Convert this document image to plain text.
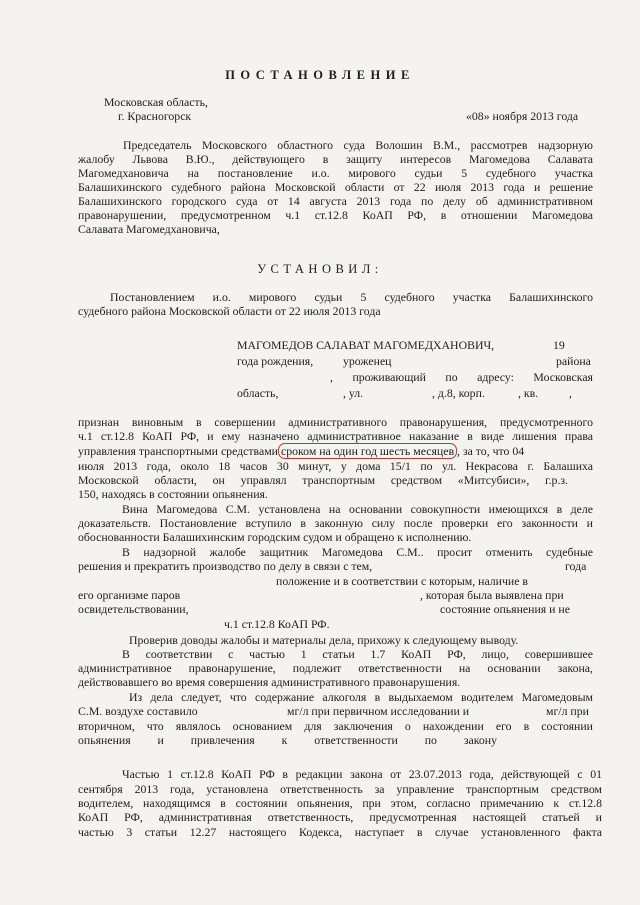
ПОСТАНОВЛЕНИЕ
Московская область,
г. Красногорск	«08» ноября 2013 года
Председатель Московского областного суда Волошин В.М., рассмотрев надзорную
жалобу Львова В.Ю., действующего в защиту интересов Магомедова Салавата
Магомедхановича на постановление и.о. мирового судьи 5 судебного участка
Балашихинского судебного района Московской области от 22 июля 2013 года и решение
Балашихинского городского суда от 14 августа 2013 года по делу об административном
правонарушении, предусмотренном ч.1 ст.12.8 КоАП РФ, в отношении Магомедова
Салавата Магомедхановича,
УСТАНОВИЛ:
Постановлением и.о. мирового судьи 5 судебного участка Балашихинского
судебного района Московской области от 22 июля 2013 года
МАГОМЕДОВ САЛАВАТ МАГОМЕДХАНОВИЧ,	19
года рождения,	уроженец	района
, проживающий по адресу: Московская
область,	, ул.	, д.8, корп.	, кв.	,
признан виновным в совершении административного правонарушения, предусмотренного
ч.1 ст.12.8 КоАП РФ, и ему назначено административное наказание в виде лишения права
управления транспортными средствами сроком на один год шесть месяцев , за то, что 04
июля 2013 года, около 18 часов 30 минут, у дома 15/1 по ул. Некрасова г. Балашиха
Московской области, он управлял транспортным средством «Митсубиси», г.р.з.
150, находясь в состоянии опьянения.
Вина Магомедова С.М. установлена на основании совокупности имеющихся в деле
доказательств. Постановление вступило в законную силу после проверки его законности и
обоснованности Балашихинским городским судом и обращено к исполнению.
В надзорной жалобе защитник Магомедова С.М.. просит отменить судебные
решения и прекратить производство по делу в связи с тем,	года
положение и в соответствии с которым, наличие в
его организме паров	, которая была выявлена при
освидетельствовании,	состояние опьянения и не
ч.1 ст.12.8 КоАП РФ.
Проверив доводы жалобы и материалы дела, прихожу к следующему выводу.
В соответствии с частью 1 статьи 1.7 КоАП РФ, лицо, совершившее
административное правонарушение, подлежит ответственности на основании закона,
действовавшего во время совершения административного правонарушения.
Из дела следует, что содержание алкоголя в выдыхаемом водителем Магомедовым
С.М. воздухе составило	мг/л при первичном исследовании и	мг/л при
вторичном, что являлось основанием для заключения о нахождении его в состоянии
опьянения и привлечения к ответственности по закону
Частью 1 ст.12.8 КоАП РФ в редакции закона от 23.07.2013 года, действующей с 01
сентября 2013 года, установлена ответственность за управление транспортным средством
водителем, находящимся в состоянии опьянения, при этом, согласно примечанию к ст.12.8
КоАП РФ, административная ответственность, предусмотренная настоящей статьей и
частью 3 статьи 12.27 настоящего Кодекса, наступает в случае установленного факта
